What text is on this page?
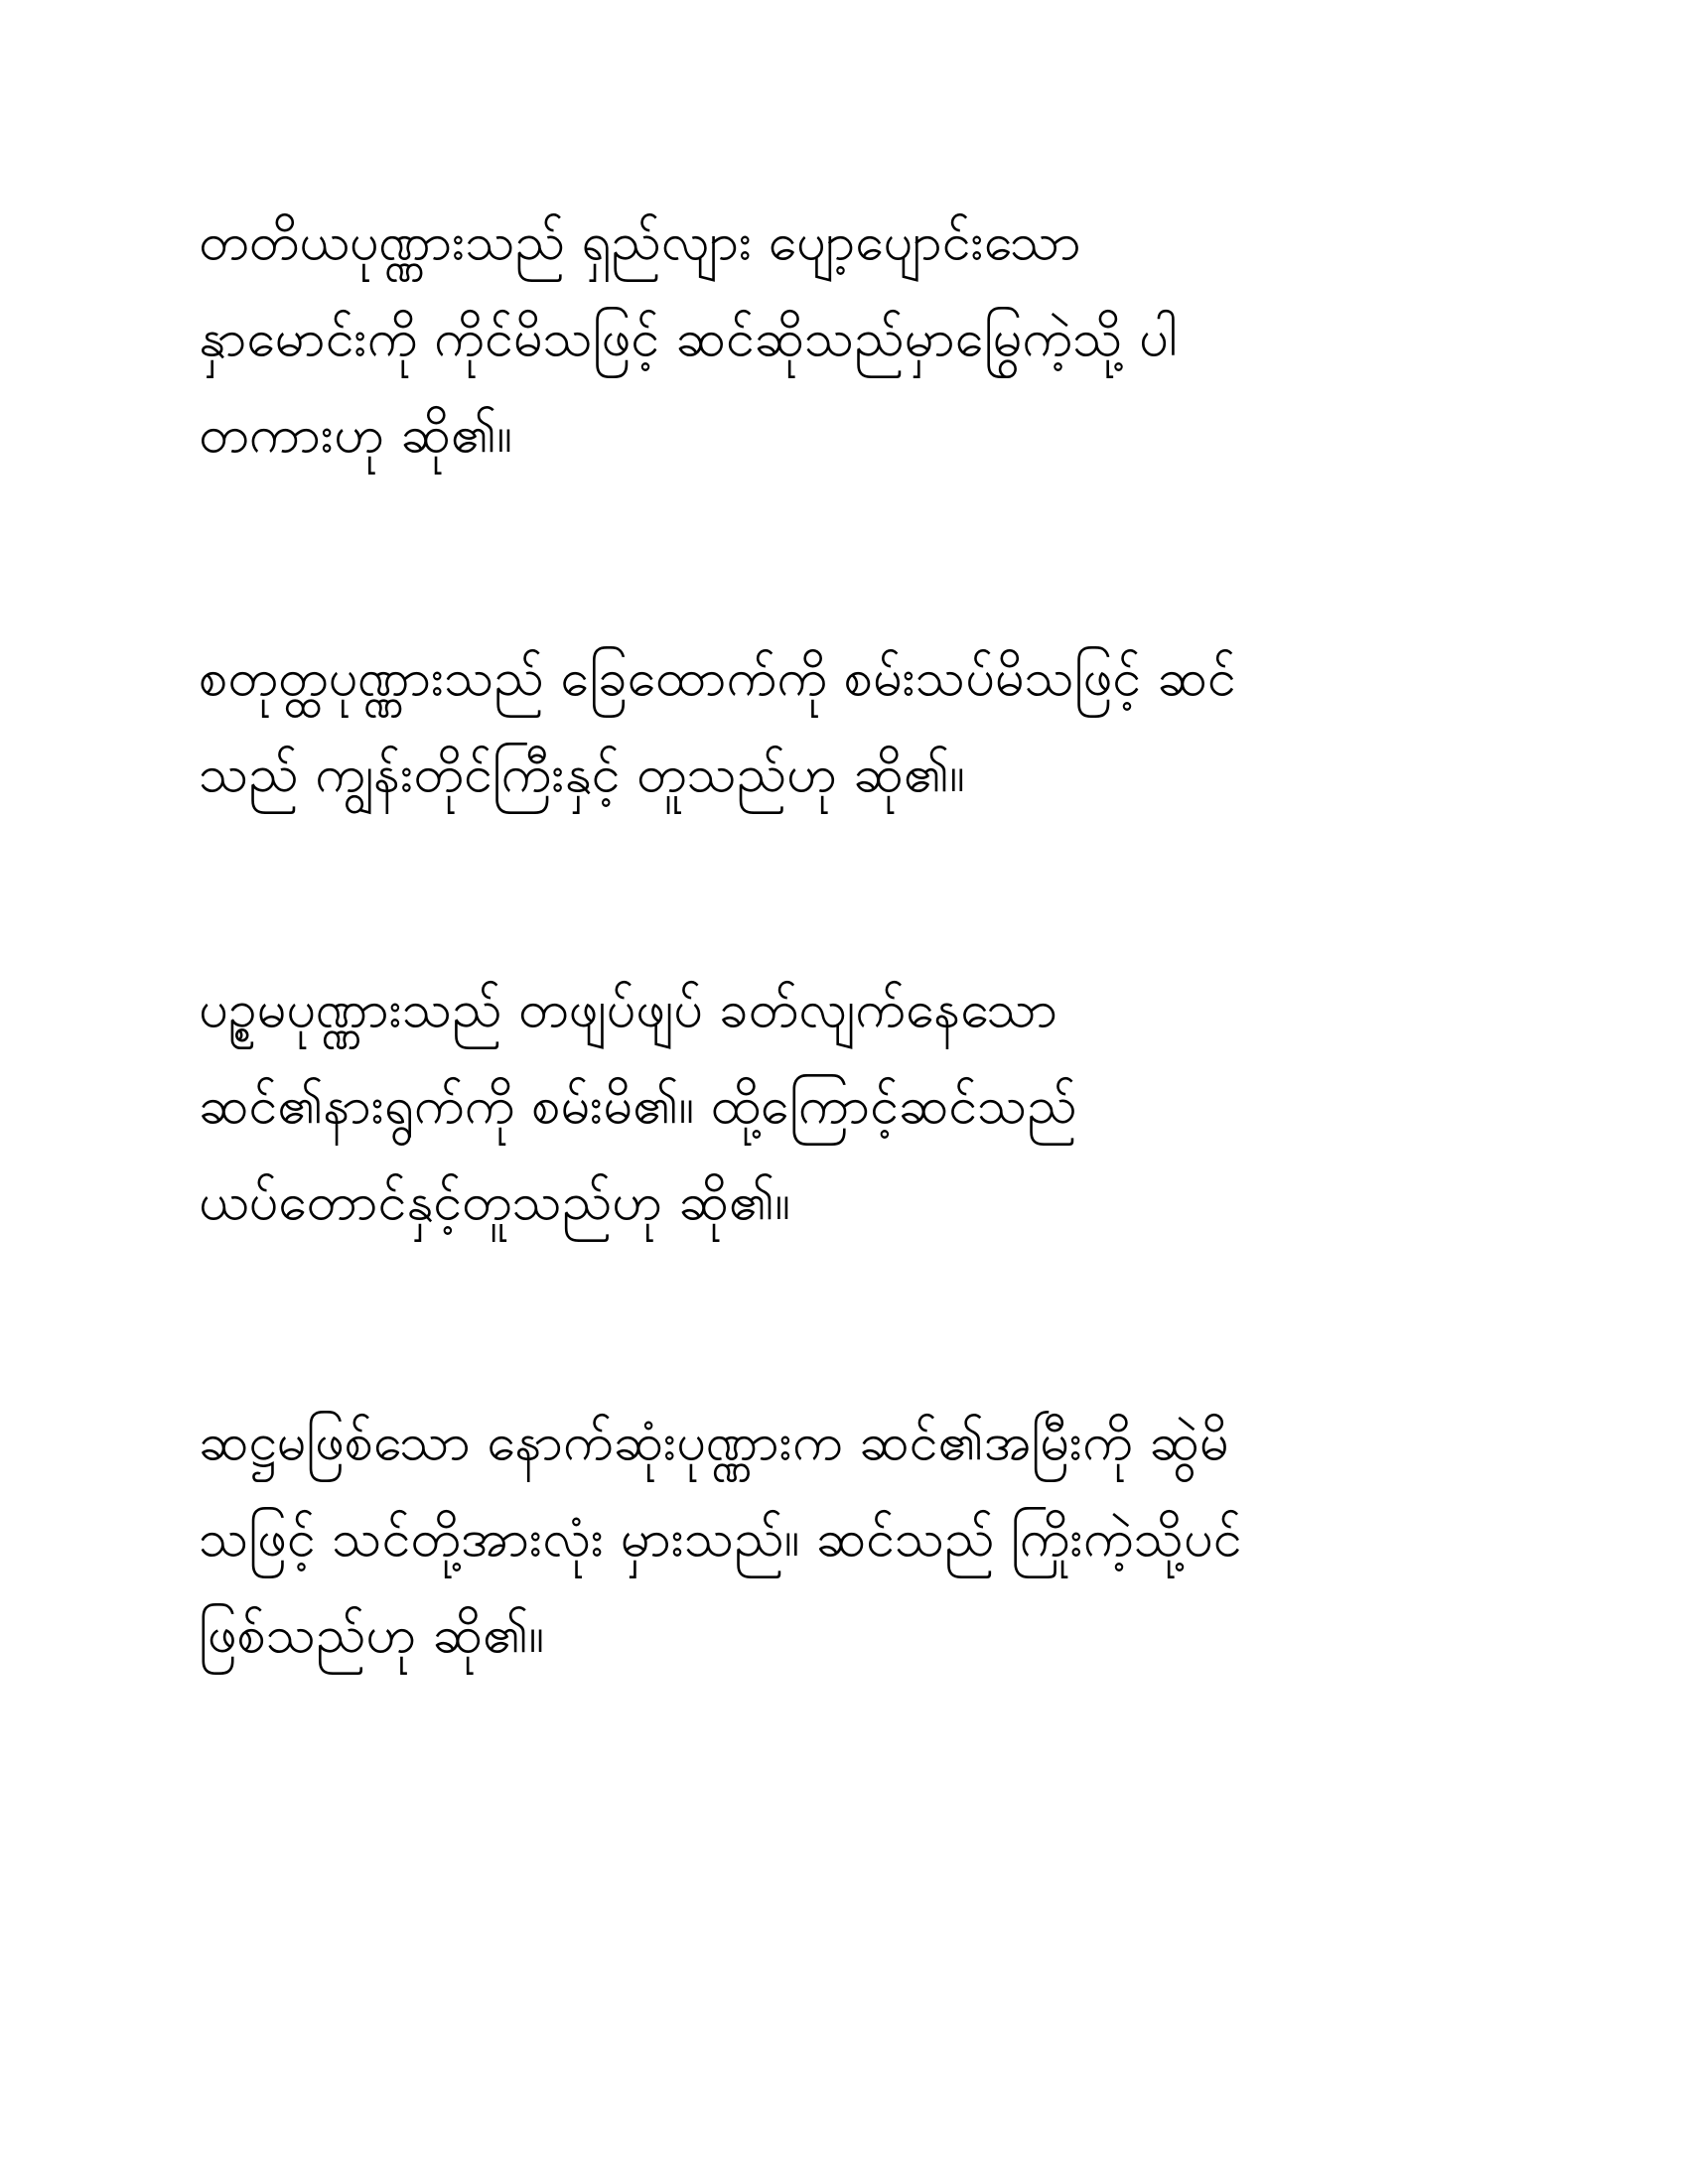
တတိယပုဏ္ဏားသည် ရှည်လျား ပျော့ပျောင်းသော
နှာမောင်းကို ကိုင်မိသဖြင့် ဆင်ဆိုသည်မှာမြွေကဲ့သို့ ပါ
တကားဟု ဆို၏။
စတုတ္ထပုဏ္ဏားသည် ခြေထောက်ကို စမ်းသပ်မိသဖြင့် ဆင်
သည် ကျွန်းတိုင်ကြီးနှင့် တူသည်ဟု ဆို၏။
ပဥ္စမပုဏ္ဏားသည် တဖျပ်ဖျပ် ခတ်လျက်နေသော
ဆင်၏နားရွက်ကို စမ်းမိ၏။ ထို့ကြောင့်ဆင်သည်
ယပ်တောင်နှင့်တူသည်ဟု ဆို၏။
ဆဋ္ဌမဖြစ်သော နောက်ဆုံးပုဏ္ဏားက ဆင်၏အမြီးကို ဆွဲမိ
သဖြင့် သင်တို့အားလုံး မှားသည်။ ဆင်သည် ကြိုးကဲ့သို့ပင်
ဖြစ်သည်ဟု ဆို၏။
